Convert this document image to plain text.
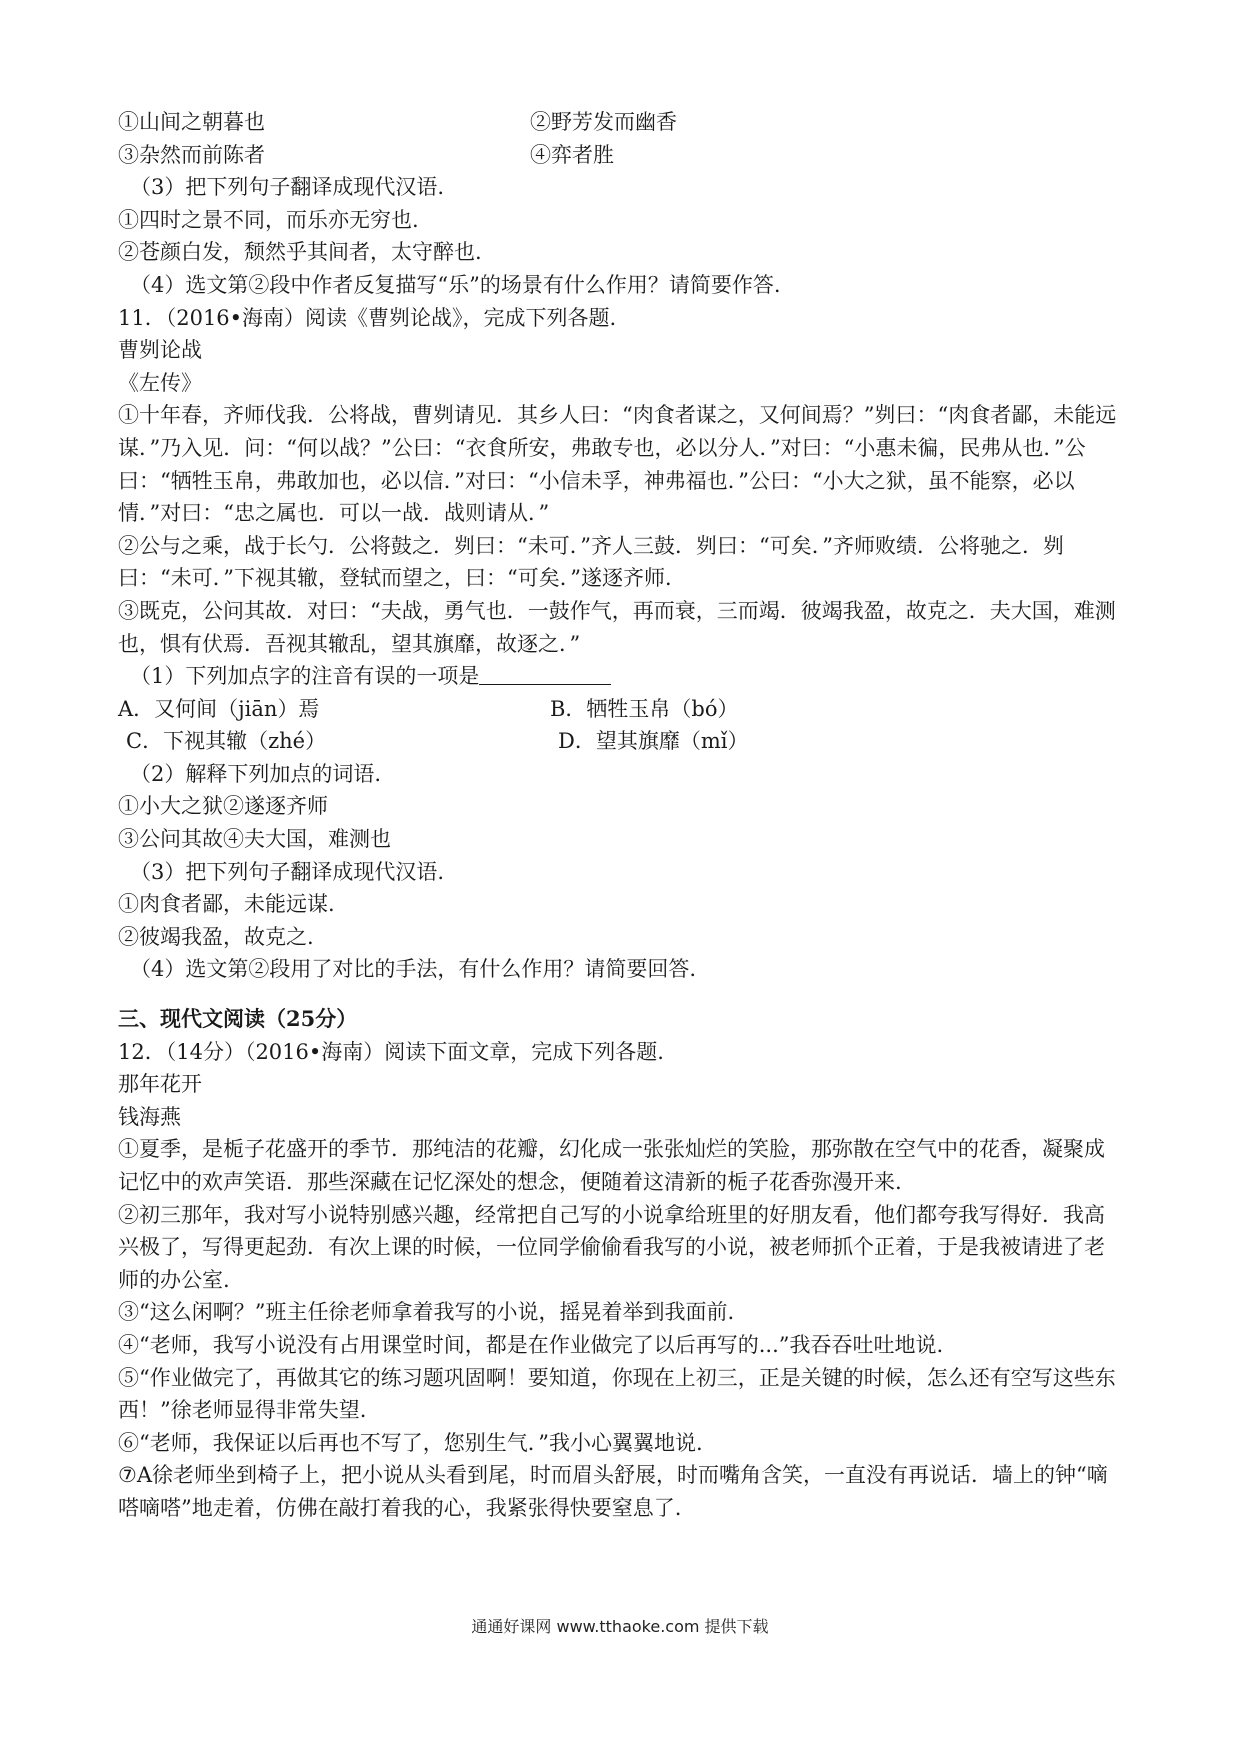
①山间之朝暮也	②野芳发而幽香
③杂然而前陈者	④弈者胜
（3）把下列句子翻译成现代汉语.
①四时之景不同，而乐亦无穷也.
②苍颜白发，颓然乎其间者，太守醉也.
（4）选文第②段中作者反复描写“乐”的场景有什么作用？请简要作答.
11．（2016•海南）阅读《曹刿论战》，完成下列各题.
曹刿论战
《左传》
①十年春，齐师伐我．公将战，曹刿请见．其乡人曰：“肉食者谋之，又何间焉？”刿曰：“肉食者鄙，未能远谋．”乃入见．问：“何以战？”公曰：“衣食所安，弗敢专也，必以分人．”对曰：“小惠未徧，民弗从也．”公曰：“牺牲玉帛，弗敢加也，必以信．”对曰：“小信未孚，神弗福也．”公曰：“小大之狱，虽不能察，必以情．”对曰：“忠之属也．可以一战．战则请从．”
②公与之乘，战于长勺．公将鼓之．刿曰：“未可．”齐人三鼓．刿曰：“可矣．”齐师败绩．公将驰之．刿曰：“未可．”下视其辙，登轼而望之，曰：“可矣．”遂逐齐师．
③既克，公问其故．对曰：“夫战，勇气也．一鼓作气，再而衰，三而竭．彼竭我盈，故克之．夫大国，难测也，惧有伏焉．吾视其辙乱，望其旗靡，故逐之．”
（1）下列加点字的注音有误的一项是
A．又何间（jiān）焉	B．牺牲玉帛（bó）
C．下视其辙（zhé）	D．望其旗靡（mǐ）
（2）解释下列加点的词语.
①小大之狱②遂逐齐师
③公问其故④夫大国，难测也
（3）把下列句子翻译成现代汉语.
①肉食者鄙，未能远谋.
②彼竭我盈，故克之.
（4）选文第②段用了对比的手法，有什么作用？请简要回答.
三、现代文阅读（25分）
12．（14分）（2016•海南）阅读下面文章，完成下列各题.
那年花开
钱海燕
①夏季，是栀子花盛开的季节．那纯洁的花瓣，幻化成一张张灿烂的笑脸，那弥散在空气中的花香，凝聚成记忆中的欢声笑语．那些深藏在记忆深处的想念，便随着这清新的栀子花香弥漫开来.
②初三那年，我对写小说特别感兴趣，经常把自己写的小说拿给班里的好朋友看，他们都夸我写得好．我高兴极了，写得更起劲．有次上课的时候，一位同学偷偷看我写的小说，被老师抓个正着，于是我被请进了老师的办公室.
③“这么闲啊？”班主任徐老师拿着我写的小说，摇晃着举到我面前.
④“老师，我写小说没有占用课堂时间，都是在作业做完了以后再写的...”我吞吞吐吐地说.
⑤“作业做完了，再做其它的练习题巩固啊！要知道，你现在上初三，正是关键的时候，怎么还有空写这些东西！”徐老师显得非常失望.
⑥“老师，我保证以后再也不写了，您别生气．”我小心翼翼地说.
⑦A徐老师坐到椅子上，把小说从头看到尾，时而眉头舒展，时而嘴角含笑，一直没有再说话．墙上的钟“嘀嗒嘀嗒”地走着，仿佛在敲打着我的心，我紧张得快要窒息了.
通通好课网 www.tthaoke.com 提供下载
